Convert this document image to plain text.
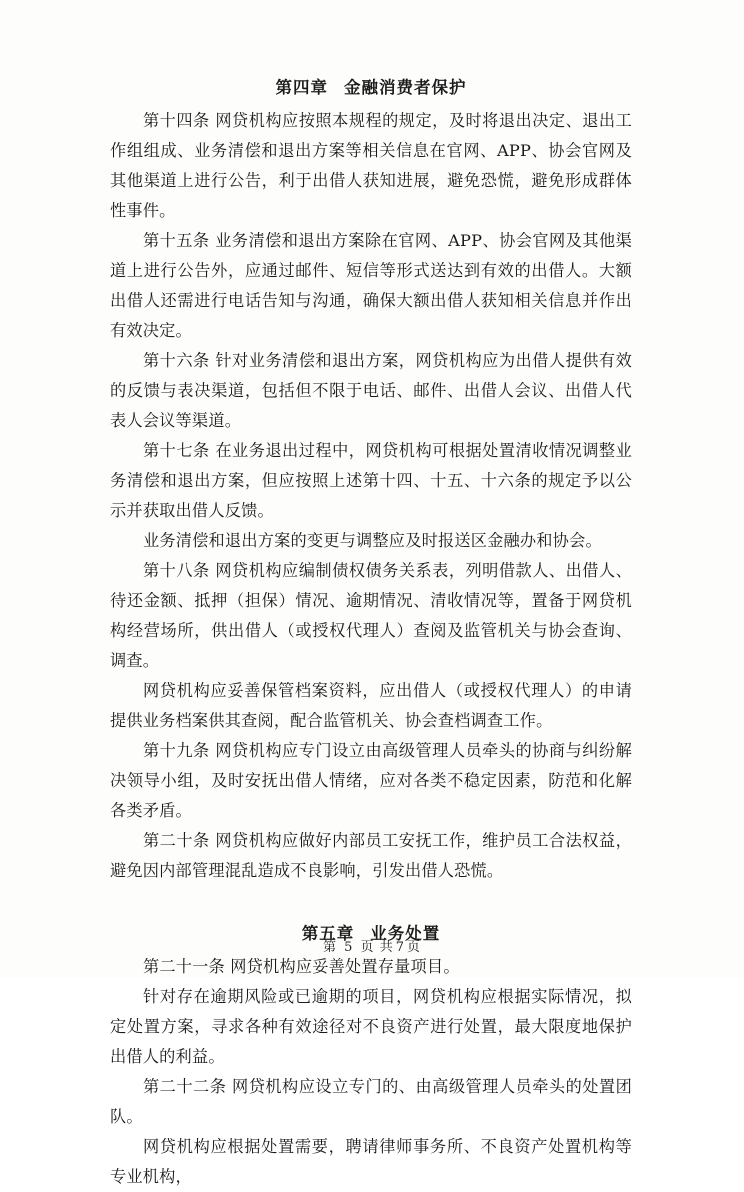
第四章 金融消费者保护

第十四条 网贷机构应按照本规程的规定，及时将退出决定、退出工作组组成、业务清偿和退出方案等相关信息在官网、APP、协会官网及其他渠道上进行公告，利于出借人获知进展，避免恐慌，避免形成群体性事件。

第十五条 业务清偿和退出方案除在官网、APP、协会官网及其他渠道上进行公告外，应通过邮件、短信等形式送达到有效的出借人。大额出借人还需进行电话告知与沟通，确保大额出借人获知相关信息并作出有效决定。

第十六条 针对业务清偿和退出方案，网贷机构应为出借人提供有效的反馈与表决渠道，包括但不限于电话、邮件、出借人会议、出借人代表人会议等渠道。

第十七条 在业务退出过程中，网贷机构可根据处置清收情况调整业务清偿和退出方案，但应按照上述第十四、十五、十六条的规定予以公示并获取出借人反馈。

业务清偿和退出方案的变更与调整应及时报送区金融办和协会。

第十八条 网贷机构应编制债权债务关系表，列明借款人、出借人、待还金额、抵押（担保）情况、逾期情况、清收情况等，置备于网贷机构经营场所，供出借人（或授权代理人）查阅及监管机关与协会查询、调查。

网贷机构应妥善保管档案资料，应出借人（或授权代理人）的申请提供业务档案供其查阅，配合监管机关、协会查档调查工作。

第十九条 网贷机构应专门设立由高级管理人员牵头的协商与纠纷解决领导小组，及时安抚出借人情绪，应对各类不稳定因素，防范和化解各类矛盾。

第二十条 网贷机构应做好内部员工安抚工作，维护员工合法权益，避免因内部管理混乱造成不良影响，引发出借人恐慌。

第五章 业务处置

第二十一条 网贷机构应妥善处置存量项目。

针对存在逾期风险或已逾期的项目，网贷机构应根据实际情况，拟定处置方案，寻求各种有效途径对不良资产进行处置，最大限度地保护出借人的利益。

第二十二条 网贷机构应设立专门的、由高级管理人员牵头的处置团队。

网贷机构应根据处置需要，聘请律师事务所、不良资产处置机构等专业机构，

第 5 页 共 7 页
